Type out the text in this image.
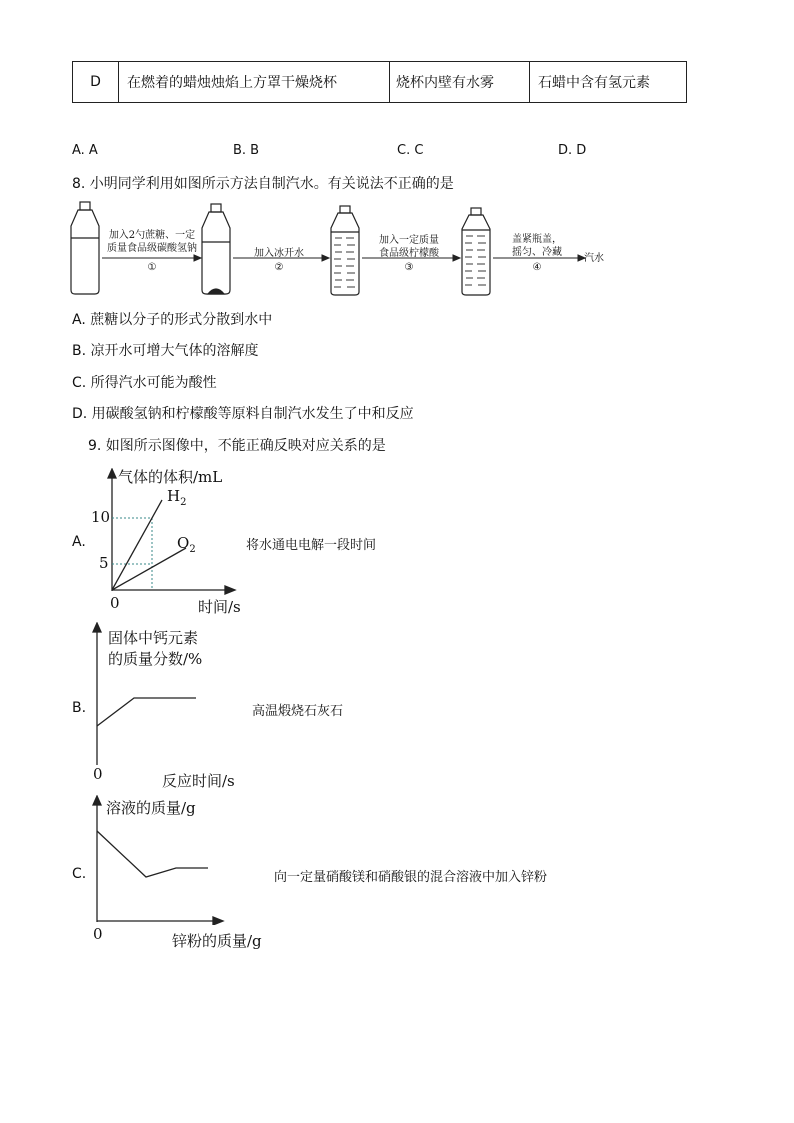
D	在燃着的蜡烛烛焰上方罩干燥烧杯	烧杯内壁有水雾	石蜡中含有氢元素
A. A	B. B	C. C	D. D
8. 小明同学利用如图所示方法自制汽水。有关说法不正确的是
加入2勺蔗糖、一定
质量食品级碳酸氢钠
①
加入冰开水
②
加入一定质量
食品级柠檬酸
③
盖紧瓶盖，
摇匀、冷藏
④
汽水
A. 蔗糖以分子的形式分散到水中
B. 凉开水可增大气体的溶解度
C. 所得汽水可能为酸性
D. 用碳酸氢钠和柠檬酸等原料自制汽水发生了中和反应
9. 如图所示图像中，不能正确反映对应关系的是
A.
气体的体积/mL
10
5
$H_2$
$O_2$
0	时间/s
将水通电电解一段时间
B.
固体中钙元素
的质量分数/%
0	反应时间/s
高温煅烧石灰石
C.
溶液的质量/g
0	锌粉的质量/g
向一定量硝酸镁和硝酸银的混合溶液中加入锌粉
